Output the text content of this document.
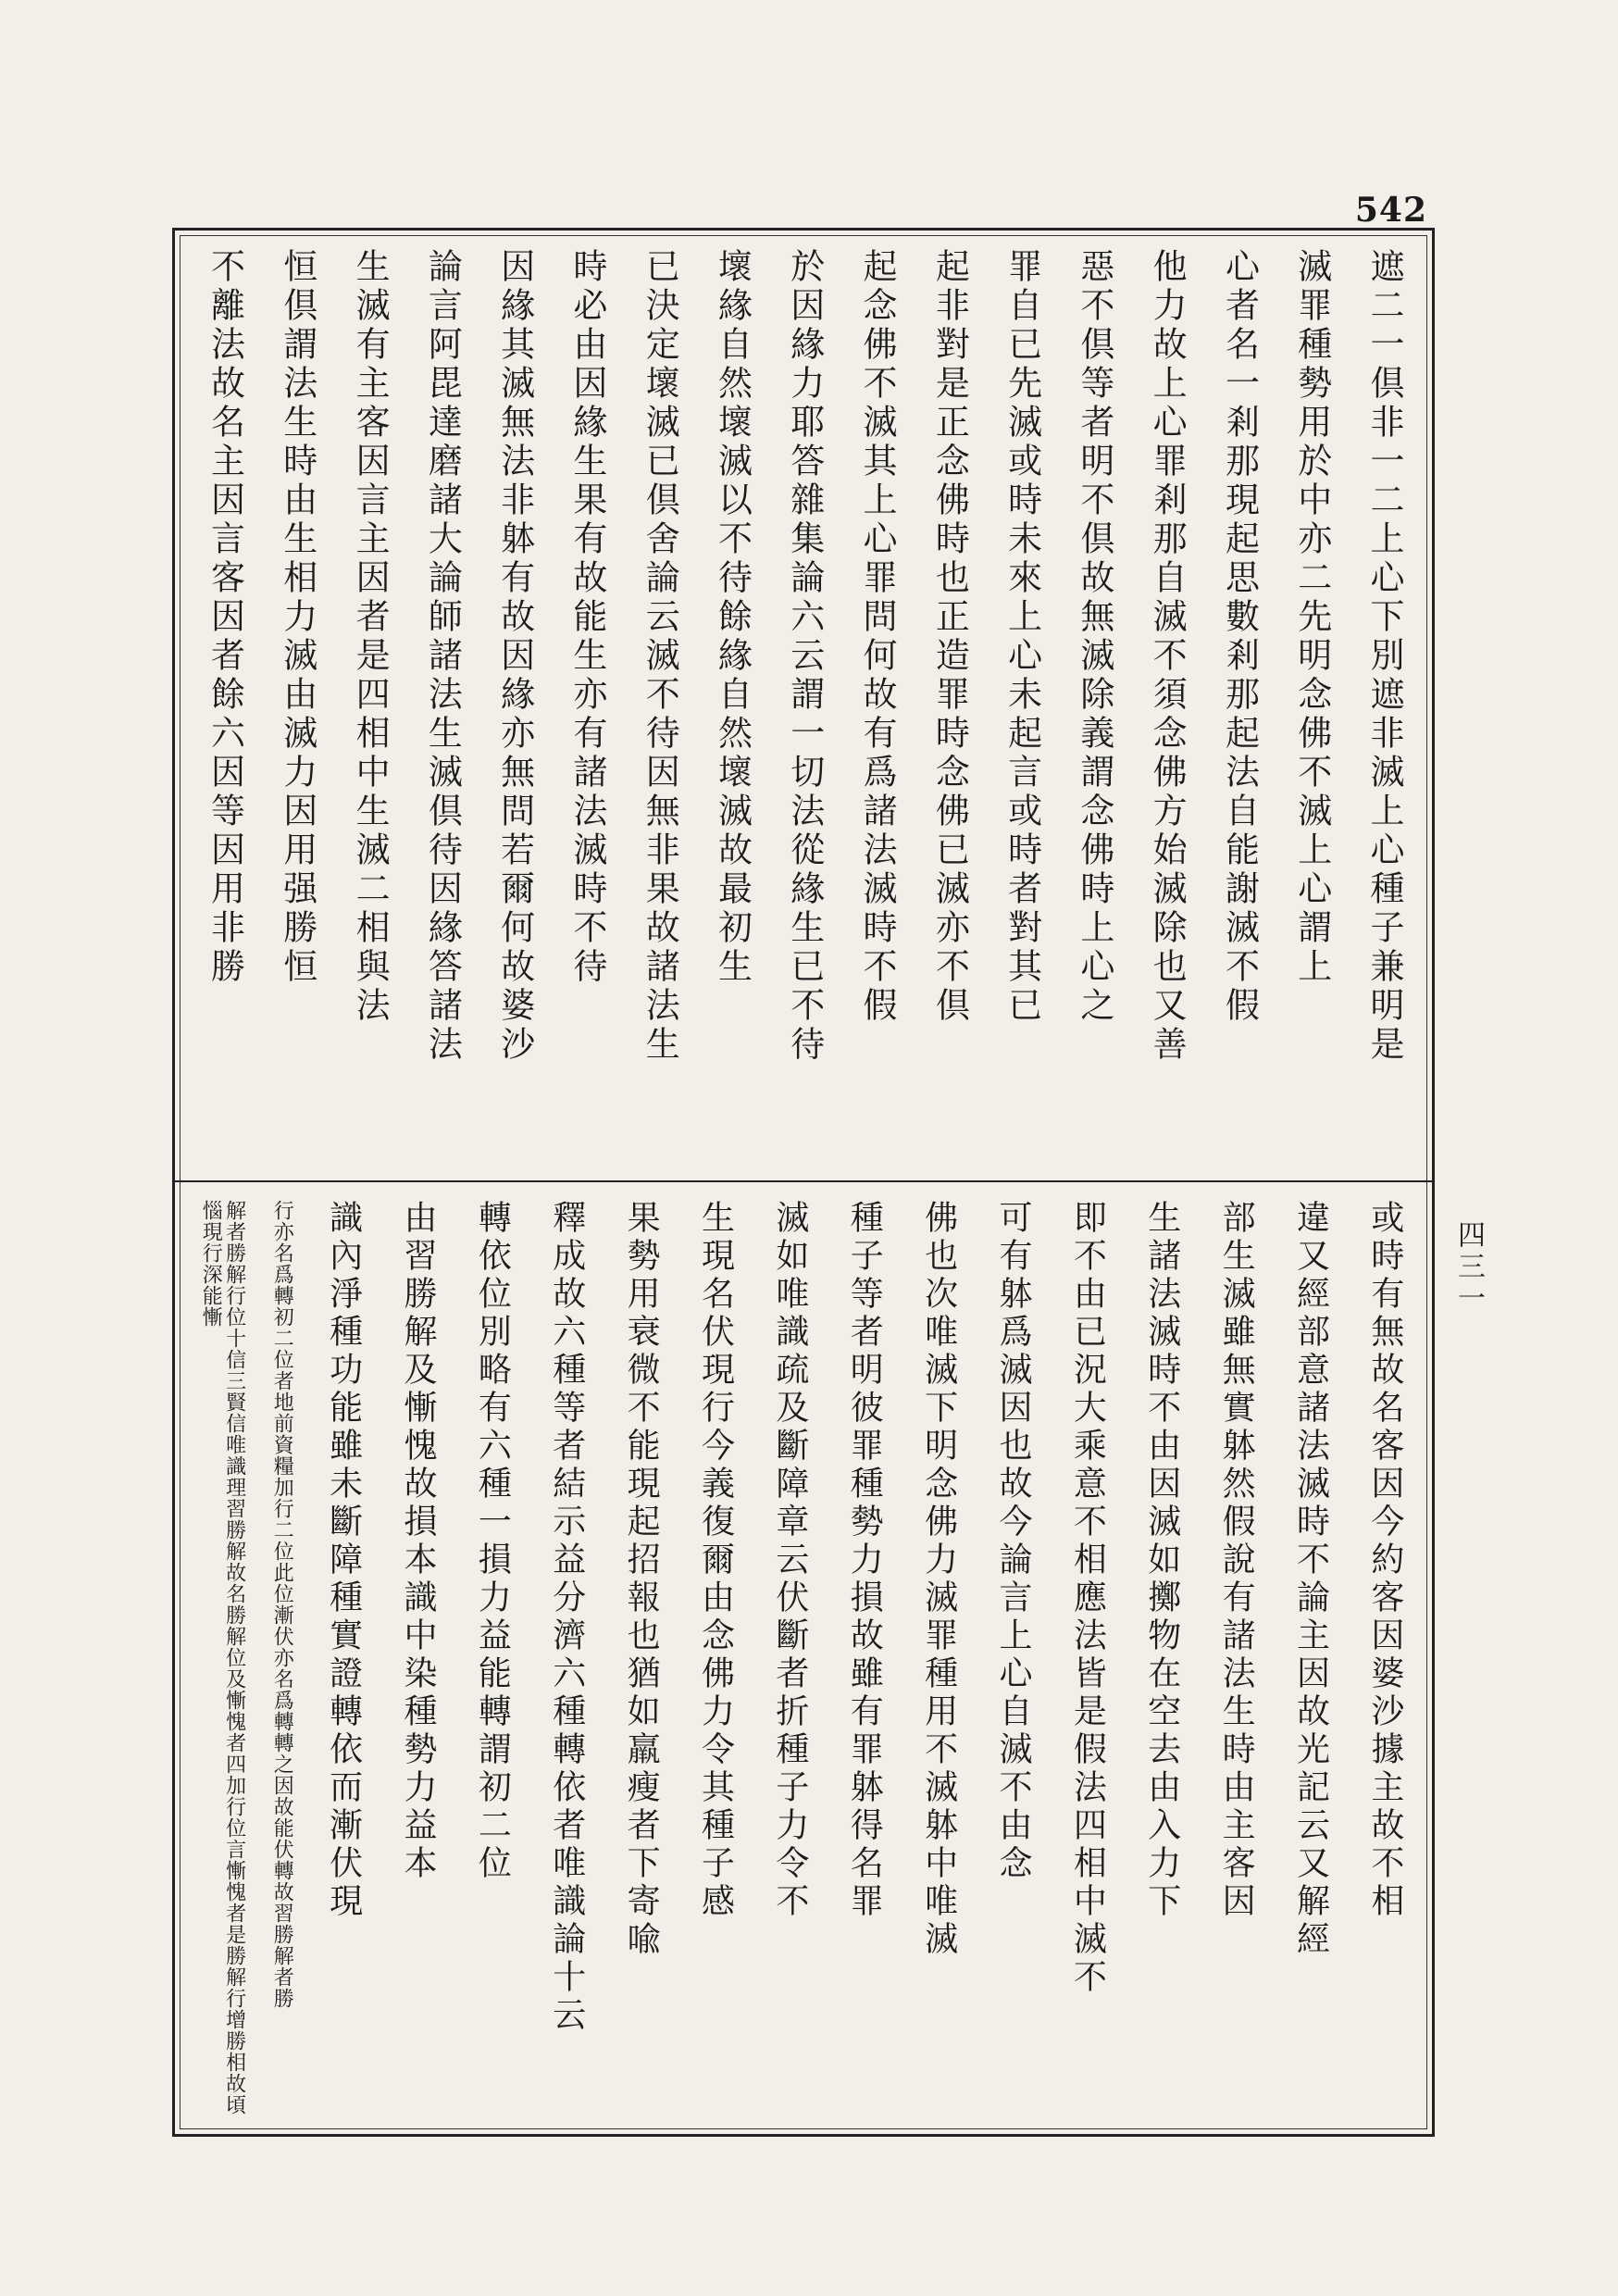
542
遮二一倶非一二上心下別遮非滅上心種子兼明是
滅罪種勢用於中亦二先明念佛不滅上心謂上
心者名一剎那現起思數剎那起法自能謝滅不假
他力故上心罪剎那自滅不須念佛方始滅除也又善
惡不倶等者明不倶故無滅除義謂念佛時上心之
罪自已先滅或時未來上心未起言或時者對其已
起非對是正念佛時也正造罪時念佛已滅亦不倶
起念佛不滅其上心罪問何故有爲諸法滅時不假
於因緣力耶答雜集論六云謂一切法從緣生已不待
壞緣自然壞滅以不待餘緣自然壞滅故最初生
已決定壞滅已倶舍論云滅不待因無非果故諸法生
時必由因緣生果有故能生亦有諸法滅時不待
因緣其滅無法非躰有故因緣亦無問若爾何故婆沙
論言阿毘達磨諸大論師諸法生滅倶待因緣答諸法
生滅有主客因言主因者是四相中生滅二相與法
恒倶謂法生時由生相力滅由滅力因用强勝恒
不離法故名主因言客因者餘六因等因用非勝
或時有無故名客因今約客因婆沙據主故不相
違又經部意諸法滅時不論主因故光記云又解經
部生滅雖無實躰然假說有諸法生時由主客因
生諸法滅時不由因滅如擲物在空去由入力下
即不由已況大乘意不相應法皆是假法四相中滅不
可有躰爲滅因也故今論言上心自滅不由念
佛也次唯滅下明念佛力滅罪種用不滅躰中唯滅
種子等者明彼罪種勢力損故雖有罪躰得名罪
滅如唯識疏及斷障章云伏斷者折種子力令不
生現名伏現行今義復爾由念佛力令其種子感
果勢用衰微不能現起招報也猶如羸瘦者下寄喩
釋成故六種等者結示益分濟六種轉依者唯識論十云
轉依位別略有六種一損力益能轉謂初二位
由習勝解及慚愧故損本識中染種勢力益本
識內淨種功能雖未斷障種實證轉依而漸伏現
行亦名爲轉初二位者地前資糧加行二位此位漸伏亦名爲轉轉之因故能伏轉故習勝解者勝
解者勝解行位十信三賢信唯識理習勝解故名勝解位及慚愧者四加行位言慚愧者是勝解行增勝相故頃惱現行深能慚	四三一
